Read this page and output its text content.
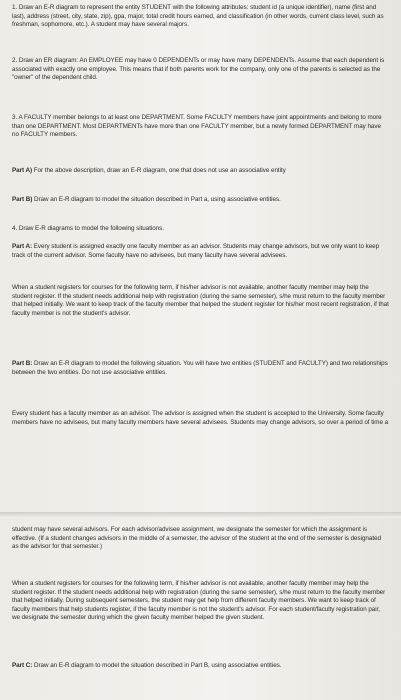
1. Draw an E-R diagram to represent the entity STUDENT with the following attributes: student id (a unique identifier), name (first and last), address (street, city, state, zip), gpa, major, total credit hours earned, and classification (in other words, current class level, such as freshman, sophomore, etc.). A student may have several majors.
2. Draw an ER diagram: An EMPLOYEE may have 0 DEPENDENTs or may have many DEPENDENTs. Assume that each dependent is associated with exactly one employee. This means that if both parents work for the company, only one of the parents is selected as the "owner" of the dependent child.
3. A FACULTY member belongs to at least one DEPARTMENT. Some FACULTY members have joint appointments and belong to more than one DEPARTMENT. Most DEPARTMENTs have more than one FACULTY member, but a newly formed DEPARTMENT may have no FACULTY members.
Part A) For the above description, draw an E-R diagram, one that does not use an associative entity
Part B) Draw an E-R diagram to model the situation described in Part a, using associative entities.
4. Draw E-R diagrams to model the following situations.
Part A: Every student is assigned exactly one faculty member as an advisor. Students may change advisors, but we only want to keep track of the current advisor. Some faculty have no advisees, but many faculty have several advisees.
When a student registers for courses for the following term, if his/her advisor is not available, another faculty member may help the student register. If the student needs additional help with registration (during the same semester), s/he must return to the faculty member that helped initially. We want to keep track of the faculty member that helped the student register for his/her most recent registration, if that faculty member is not the student's advisor.
Part B: Draw an E-R diagram to model the following situation. You will have two entities (STUDENT and FACULTY) and two relationships between the two entities. Do not use associative entities.
Every student has a faculty member as an advisor. The advisor is assigned when the student is accepted to the University. Some faculty members have no advisees, but many faculty members have several advisees. Students may change advisors, so over a period of time a
student may have several advisors. For each advisor/advisee assignment, we designate the semester for which the assignment is effective. (If a student changes advisors in the middle of a semester, the advisor of the student at the end of the semester is designated as the advisor for that semester.)
When a student registers for courses for the following term, if his/her advisor is not available, another faculty member may help the student register. If the student needs additional help with registration (during the same semester), s/he must return to the faculty member that helped initially. During subsequent semesters, the student may get help from different faculty members. We want to keep track of faculty members that help students register, if the faculty member is not the student's advisor. For each student/faculty registration pair, we designate the semester during which the given faculty member helped the given student.
Part C: Draw an E-R diagram to model the situation described in Part B, using associative entities.
